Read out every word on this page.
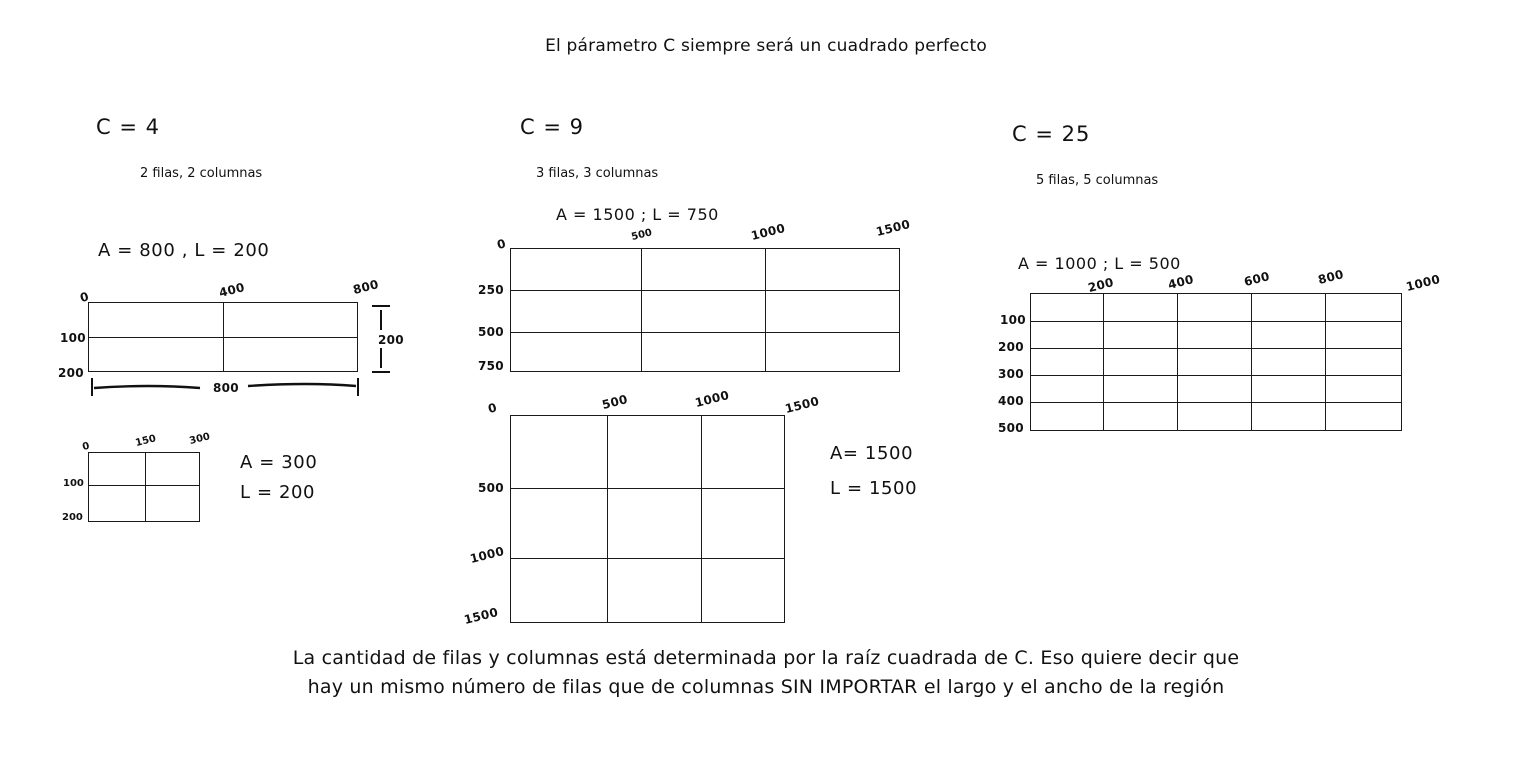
El párametro C siempre será un cuadrado perfecto
C = 4
2 filas, 2 columnas
A = 800 , L = 200
0	400	800
100
200
200
800
0	150	300
100
200
A = 300
L = 200
C = 9
3 filas, 3 columnas
A = 1500 ; L = 750
0
500	1000	1500
250
500
750
0	500	1000	1500
500
1000
1500
A= 1500
L = 1500
C = 25
5 filas, 5 columnas
A = 1000 ; L = 500
200	400	600	800	1000
100
200
300
400
500
La cantidad de filas y columnas está determinada por la raíz cuadrada de C. Eso quiere decir que
hay un mismo número de filas que de columnas SIN IMPORTAR el largo y el ancho de la región
